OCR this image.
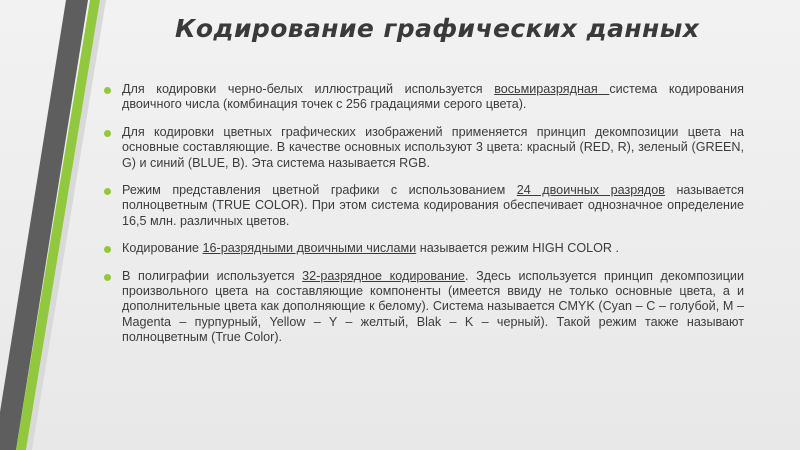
Кодирование графических данных
Для кодировки черно-белых иллюстраций используется восьмиразрядная система кодирования двоичного числа (комбинация точек с 256 градациями серого цвета).
Для кодировки цветных графических изображений применяется принцип декомпозиции цвета на основные составляющие. В качестве основных используют 3 цвета: красный (RED, R), зеленый (GREEN, G) и синий (BLUE, B). Эта система называется RGB.
Режим представления цветной графики с использованием 24 двоичных разрядов называется полноцветным (TRUE COLOR). При этом система кодирования обеспечивает однозначное определение 16,5 млн. различных цветов.
Кодирование 16-разрядными двоичными числами называется режим HIGH COLOR .
В полиграфии используется 32-разрядное кодирование. Здесь используется принцип декомпозиции произвольного цвета на составляющие компоненты (имеется ввиду не только основные цвета, а и дополнительные цвета как дополняющие к белому). Система называется CMYK (Cyan – C – голубой, M – Magenta – пурпурный, Yellow – Y – желтый, Blak – K – черный). Такой режим также называют полноцветным (True Color).
